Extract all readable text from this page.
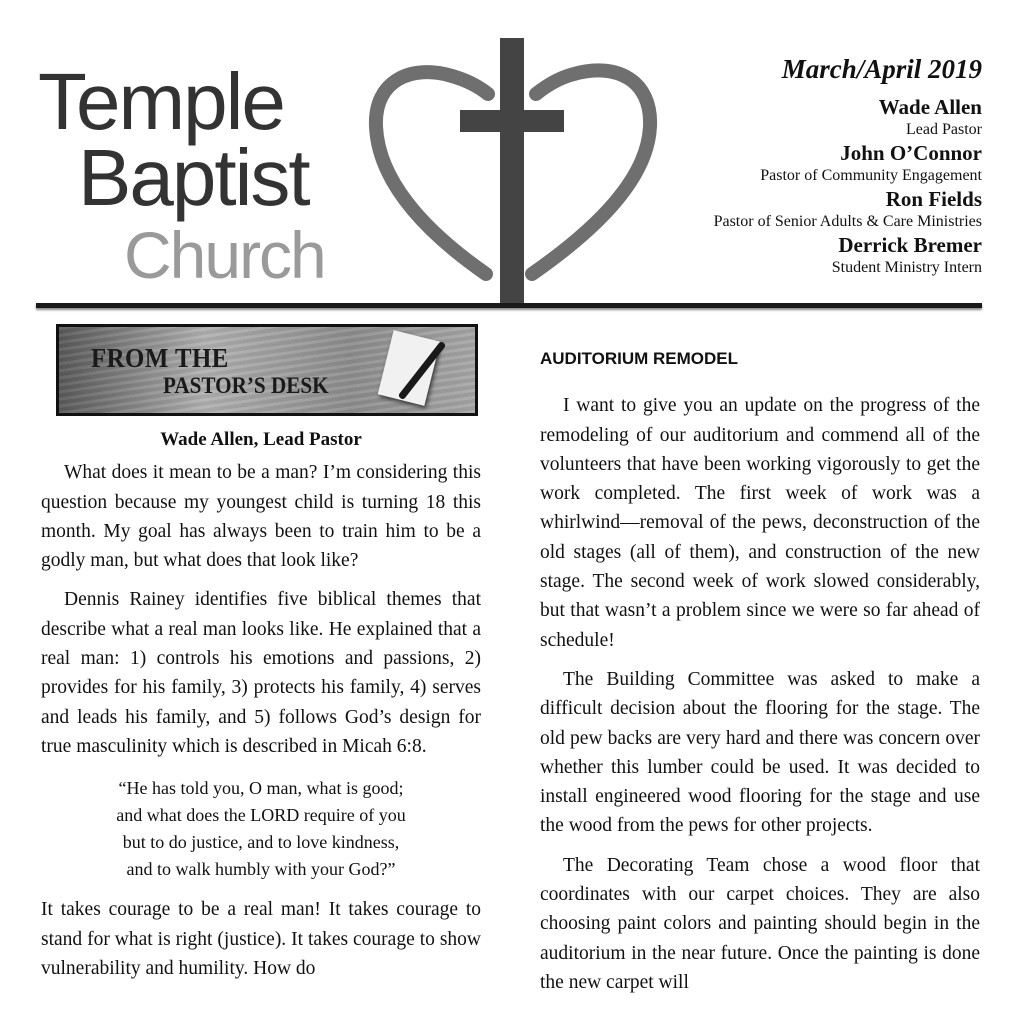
Temple
Baptist
Church
March/April 2019
Wade Allen
Lead Pastor
John O’Connor
Pastor of Community Engagement
Ron Fields
Pastor of Senior Adults & Care Ministries
Derrick Bremer
Student Ministry Intern
FROM THE
PASTOR’S DESK
Wade Allen, Lead Pastor

What does it mean to be a man? I’m considering this question because my youngest child is turning 18 this month. My goal has always been to train him to be a godly man, but what does that look like?

Dennis Rainey identifies five biblical themes that describe what a real man looks like. He explained that a real man: 1) controls his emotions and passions, 2) provides for his family, 3) protects his family, 4) serves and leads his family, and 5) follows God’s design for true masculinity which is described in Micah 6:8.

“He has told you, O man, what is good;
and what does the LORD require of you
but to do justice, and to love kindness,
and to walk humbly with your God?”

It takes courage to be a real man! It takes courage to stand for what is right (justice). It takes courage to show vulnerability and humility. How do

AUDITORIUM REMODEL

I want to give you an update on the progress of the remodeling of our auditorium and commend all of the volunteers that have been working vigorously to get the work completed. The first week of work was a whirlwind—removal of the pews, deconstruction of the old stages (all of them), and construction of the new stage. The second week of work slowed considerably, but that wasn’t a problem since we were so far ahead of schedule!

The Building Committee was asked to make a difficult decision about the flooring for the stage. The old pew backs are very hard and there was concern over whether this lumber could be used. It was decided to install engineered wood flooring for the stage and use the wood from the pews for other projects.

The Decorating Team chose a wood floor that coordinates with our carpet choices. They are also choosing paint colors and painting should begin in the auditorium in the near future. Once the painting is done the new carpet will
